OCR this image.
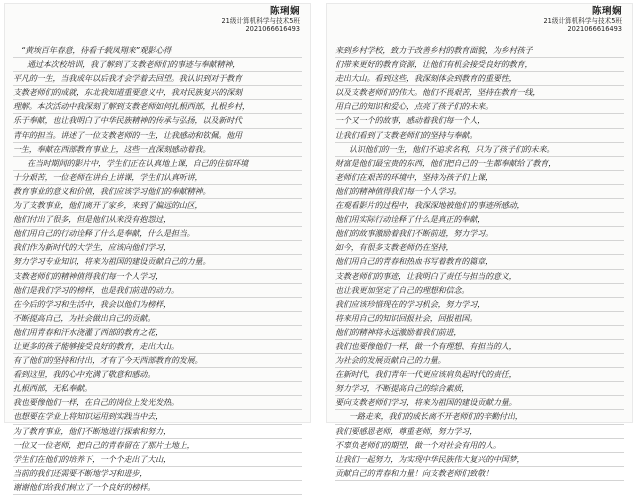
陈琍娴
21级计算机科学与技术5班
2021066616493
“黄埃百年春意，待看千载凤翔来”观影心得
通过本次校培训，我了解到了支教老师们的事迹与奉献精神，
平凡的一生，当我成年以后我才会学着去回望。我认识到对于教育
支教老师们的成就，东北我知道重要意义中，我对民族复兴的深刻
理解。本次活动中我深刻了解到支教老师如何扎根西部，扎根乡村，
乐于奉献，也让我明白了中华民族精神的传承与弘扬，以及新时代
青年的担当。讲述了一位支教老师的一生，让我感动和钦佩。他用
一生，奉献在西部教育事业上，这些一直深刻感动着我。
在当时期间的影片中，学生们正在认真地上课，自己的住宿环境
十分艰苦，一位老师在讲台上讲课，学生们认真听讲，
教育事业的意义和价值，我们应该学习他们的奉献精神。
为了支教事业，他们离开了家乡，来到了偏远的山区，
他们付出了很多，但是他们从来没有抱怨过，
他们用自己的行动诠释了什么是奉献，什么是担当。
我们作为新时代的大学生，应该向他们学习，
努力学习专业知识，将来为祖国的建设贡献自己的力量。
支教老师们的精神值得我们每一个人学习，
他们是我们学习的榜样，也是我们前进的动力。
在今后的学习和生活中，我会以他们为榜样，
不断提高自己，为社会做出自己的贡献。
他们用青春和汗水浇灌了西部的教育之花，
让更多的孩子能够接受良好的教育，走出大山。
有了他们的坚持和付出，才有了今天西部教育的发展。
看到这里，我的心中充满了敬意和感动。
扎根西部，无私奉献。
我也要像他们一样，在自己的岗位上发光发热。
也想要在学业上将知识运用到实践当中去，
为了教育事业，他们不断地进行探索和努力，
一位又一位老师，把自己的青春留在了那片土地上，
学生们在他们的培养下，一个个走出了大山，
当前的我们还需要不断地学习和进步，
谢谢他们给我们树立了一个良好的榜样。
陈琍娴
21级计算机科学与技术5班
2021066616493
来到乡村学校，致力于改善乡村的教育面貌，为乡村孩子
们带来更好的教育资源，让他们有机会接受良好的教育，
走出大山。看到这些，我深刻体会到教育的重要性，
以及支教老师们的伟大。他们不畏艰苦，坚持在教育一线，
用自己的知识和爱心，点亮了孩子们的未来。
一个又一个的故事，感动着我们每一个人，
让我们看到了支教老师们的坚持与奉献。
认识他们的一生，他们不追求名利，只为了孩子们的未来。
财富是他们最宝贵的东西，他们把自己的一生都奉献给了教育，
老师们在艰苦的环境中，坚持为孩子们上课，
他们的精神值得我们每一个人学习。
在观看影片的过程中，我深深地被他们的事迹所感动，
他们用实际行动诠释了什么是真正的奉献，
他们的故事激励着我们不断前进，努力学习。
如今，有很多支教老师仍在坚持，
他们用自己的青春和热血书写着教育的篇章，
支教老师们的事迹，让我明白了责任与担当的意义，
也让我更加坚定了自己的理想和信念。
我们应该珍惜现在的学习机会，努力学习，
将来用自己的知识回报社会，回报祖国。
他们的精神将永远激励着我们前进，
我们也要像他们一样，做一个有理想、有担当的人，
为社会的发展贡献自己的力量。
在新时代，我们青年一代更应该肩负起时代的责任，
努力学习，不断提高自己的综合素质，
要向支教老师们学习，将来为祖国的建设贡献力量。
一路走来，我们的成长离不开老师们的辛勤付出，
我们要感恩老师，尊重老师，努力学习，
不辜负老师们的期望，做一个对社会有用的人。
让我们一起努力，为实现中华民族伟大复兴的中国梦，
贡献自己的青春和力量！向支教老师们致敬！
